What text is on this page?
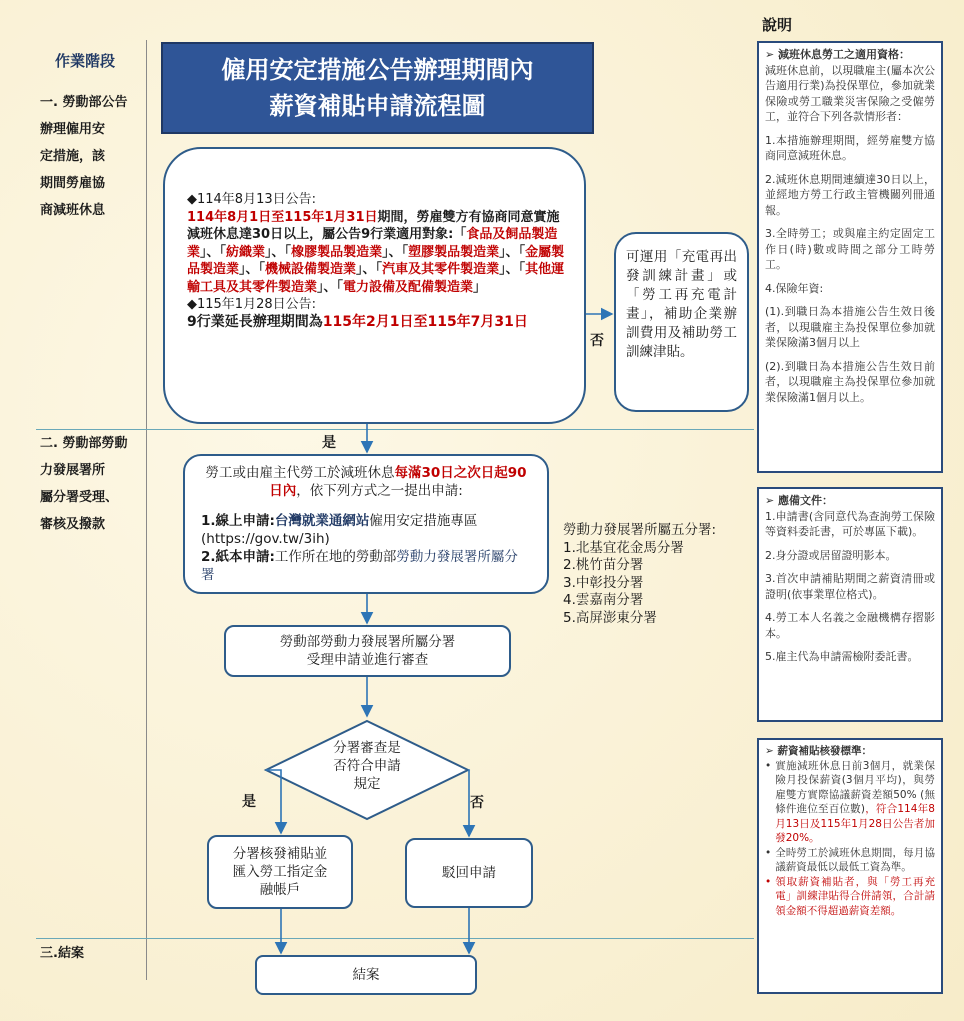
說明
作業階段
一. 勞動部公告
辦理僱用安
定措施，該
期間勞雇協
商減班休息
二. 勞動部勞動
力發展署所
屬分署受理、
審核及撥款
三.結案
僱用安定措施公告辦理期間內
薪資補貼申請流程圖
◆114年8月13日公告:
114年8月1日至115年1月31日期間，勞雇雙方有協商同意實施減班休息達30日以上，屬公告9行業適用對象:「食品及飼品製造業」、「紡織業」、「橡膠製品製造業」、「塑膠製品製造業」、「金屬製品製造業」、「機械設備製造業」、「汽車及其零件製造業」、「其他運輸工具及其零件製造業」、「電力設備及配備製造業」
◆115年1月28日公告:
9行業延長辦理期間為115年2月1日至115年7月31日
可運用「充電再出發訓練計畫」或「勞工再充電計畫」，補助企業辦訓費用及補助勞工訓練津貼。
否
是
勞工或由雇主代勞工於減班休息每滿30日之次日起90日內，依下列方式之一提出申請:
1.線上申請:台灣就業通網站僱用安定措施專區(https://gov.tw/3ih)
2.紙本申請:工作所在地的勞動部勞動力發展署所屬分署
勞動力發展署所屬五分署:
1.北基宜花金馬分署
2.桃竹苗分署
3.中彰投分署
4.雲嘉南分署
5.高屏澎東分署
勞動部勞動力發展署所屬分署
受理申請並進行審查
分署審查是
否符合申請
規定
是	否
分署核發補貼並
匯入勞工指定金
融帳戶
駁回申請
結案
➢ 減班休息勞工之適用資格：

減班休息前，以現職雇主(屬本次公告適用行業)為投保單位，參加就業保險或勞工職業災害保險之受僱勞工，並符合下列各款情形者：

1.本措施辦理期間，經勞雇雙方協商同意減班休息。

2.減班休息期間連續達30日以上，並經地方勞工行政主管機關列冊通報。

3.全時勞工；或與雇主約定固定工作日(時)數或時間之部分工時勞工。

4.保險年資:

(1).到職日為本措施公告生效日後者，以現職雇主為投保單位參加就業保險滿3個月以上

(2).到職日為本措施公告生效日前者，以現職雇主為投保單位參加就業保險滿1個月以上。

➢ 應備文件：

1.申請書(含同意代為查詢勞工保險等資料委託書，可於專區下載)。

2.身分證或居留證明影本。

3.首次申請補貼期間之薪資清冊或證明(依事業單位格式)。

4.勞工本人名義之金融機構存摺影本。

5.雇主代為申請需檢附委託書。

➢ 薪資補貼核發標準：
• 實施減班休息日前3個月，就業保險月投保薪資(3個月平均)，與勞雇雙方實際協議薪資差額50% (無條件進位至百位數)，符合114年8月13日及115年1月28日公告者加發20%。
• 全時勞工於減班休息期間，每月協議薪資最低以最低工資為準。
• 領取薪資補貼者，與「勞工再充電」訓練津貼得合併請領，合計請領金額不得超過薪資差額。
